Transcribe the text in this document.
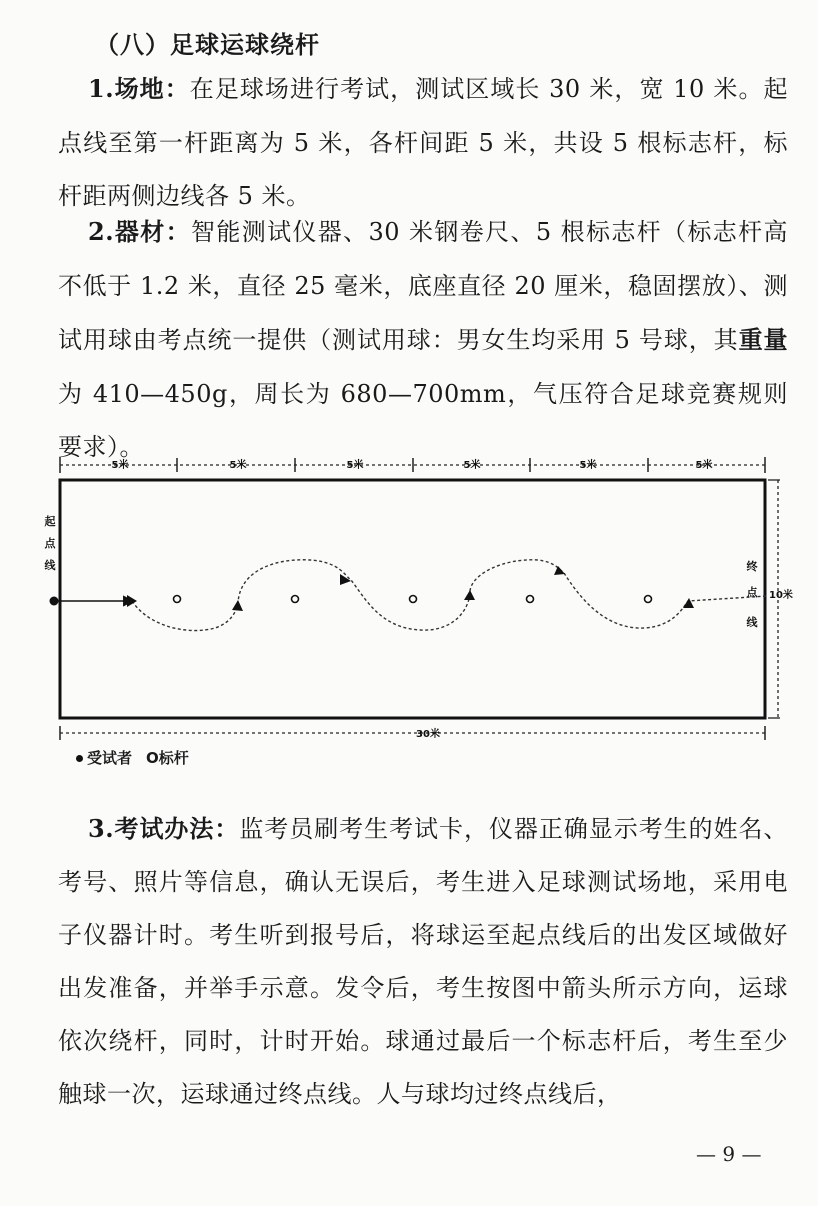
（八）足球运球绕杆
1.场地：在足球场进行考试，测试区域长 30 米，宽 10 米。起点线至第一杆距离为 5 米，各杆间距 5 米，共设 5 根标志杆，标杆距两侧边线各 5 米。
2.器材：智能测试仪器、30 米钢卷尺、5 根标志杆（标志杆高不低于 1.2 米，直径 25 毫米，底座直径 20 厘米，稳固摆放）、测试用球由考点统一提供（测试用球：男女生均采用 5 号球，其重量为 410—450g，周长为 680—700mm，气压符合足球竞赛规则要求）。
5米	5米	5米	5米	5米	5米
10米
30米
起
点
线	终
点
线
受试者 O标杆
3.考试办法：监考员刷考生考试卡，仪器正确显示考生的姓名、考号、照片等信息，确认无误后，考生进入足球测试场地，采用电子仪器计时。考生听到报号后，将球运至起点线后的出发区域做好出发准备，并举手示意。发令后，考生按图中箭头所示方向，运球依次绕杆，同时，计时开始。球通过最后一个标志杆后，考生至少触球一次，运球通过终点线。人与球均过终点线后，
— 9 —
